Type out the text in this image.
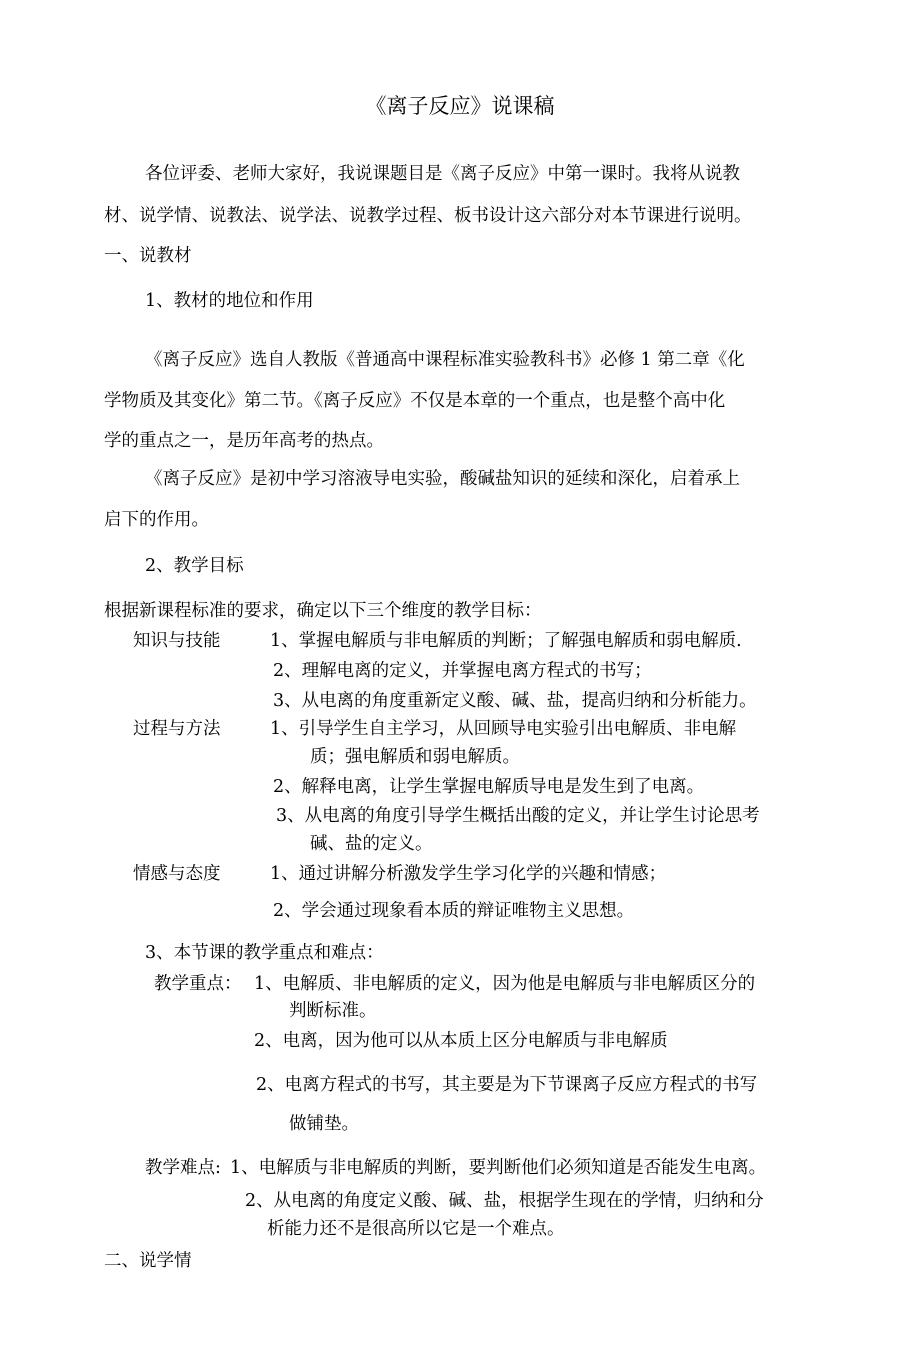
《离子反应》说课稿
各位评委、老师大家好，我说课题目是《离子反应》中第一课时。我将从说教
材、说学情、说教法、说学法、说教学过程、板书设计这六部分对本节课进行说明。
一、说教材
1、教材的地位和作用
《离子反应》选自人教版《普通高中课程标准实验教科书》必修 1 第二章《化
学物质及其变化》第二节。《离子反应》不仅是本章的一个重点，也是整个高中化
学的重点之一，是历年高考的热点。
《离子反应》是初中学习溶液导电实验，酸碱盐知识的延续和深化，启着承上
启下的作用。
2、教学目标
根据新课程标准的要求，确定以下三个维度的教学目标：
知识与技能	1、掌握电解质与非电解质的判断；了解强电解质和弱电解质.
2、理解电离的定义，并掌握电离方程式的书写；
3、从电离的角度重新定义酸、碱、盐，提高归纳和分析能力。
过程与方法	1、引导学生自主学习，从回顾导电实验引出电解质、非电解
质；强电解质和弱电解质。
2、解释电离，让学生掌握电解质导电是发生到了电离。
3、从电离的角度引导学生概括出酸的定义，并让学生讨论思考
碱、盐的定义。
情感与态度	1、通过讲解分析激发学生学习化学的兴趣和情感；
2、学会通过现象看本质的辩证唯物主义思想。
3、本节课的教学重点和难点：
教学重点： 1、电解质、非电解质的定义，因为他是电解质与非电解质区分的
判断标准。
2、电离，因为他可以从本质上区分电解质与非电解质
2、电离方程式的书写，其主要是为下节课离子反应方程式的书写
做铺垫。
教学难点: 1、电解质与非电解质的判断，要判断他们必须知道是否能发生电离。
2、从电离的角度定义酸、碱、盐，根据学生现在的学情，归纳和分
析能力还不是很高所以它是一个难点。
二、说学情
